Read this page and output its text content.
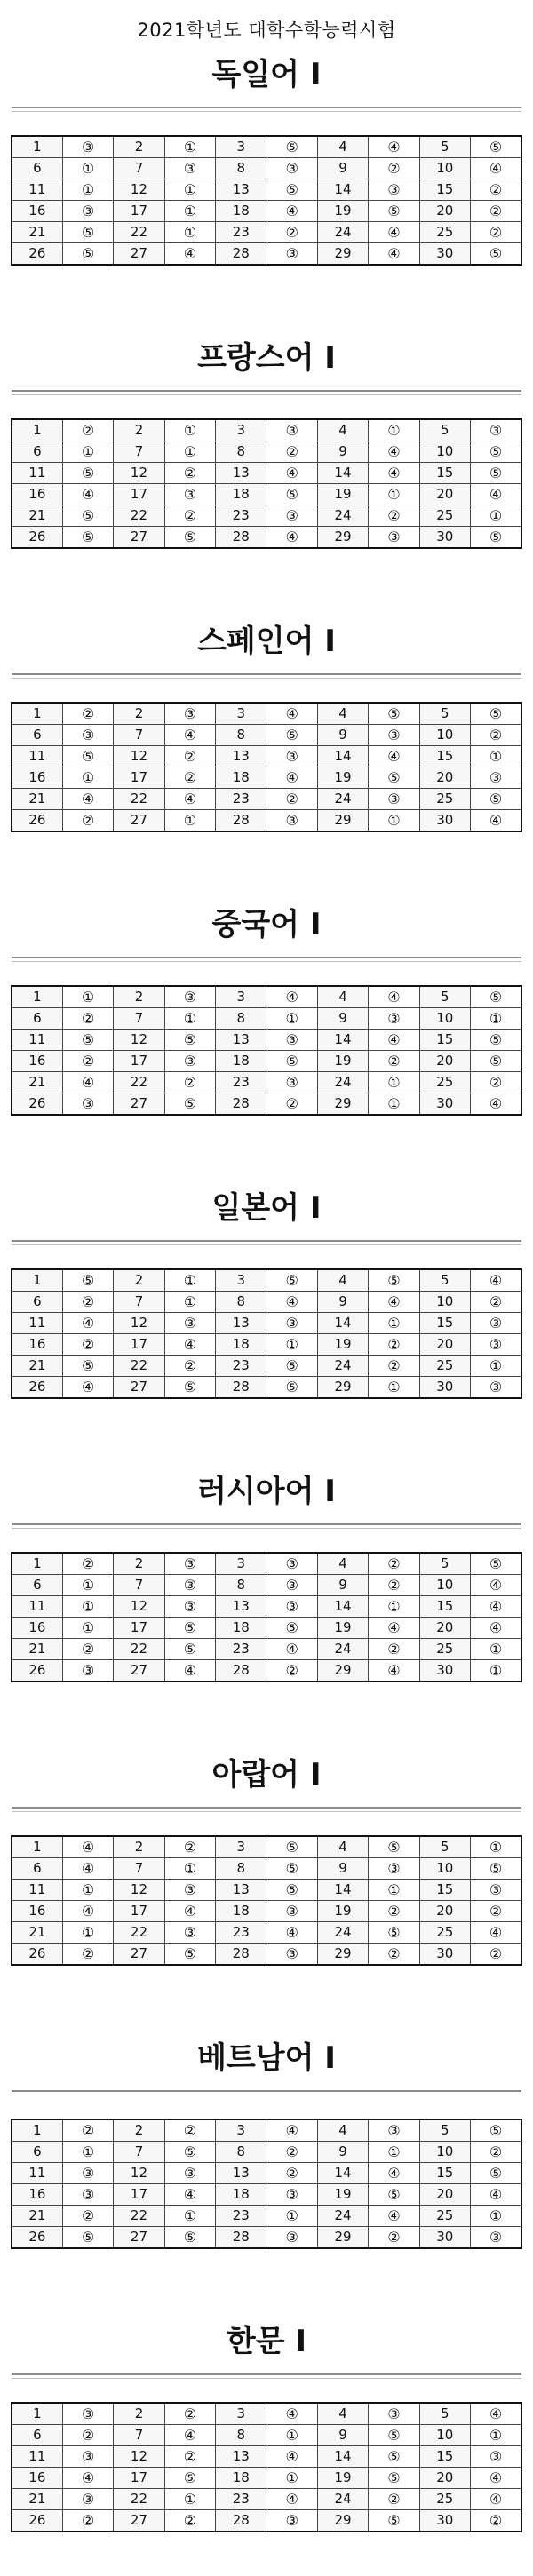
2021학년도 대학수학능력시험
독일어 I
1	③	2	①	3	⑤	4	④	5	⑤
6	①	7	③	8	③	9	②	10	④
11	①	12	①	13	⑤	14	③	15	②
16	③	17	①	18	④	19	⑤	20	②
21	⑤	22	①	23	②	24	④	25	②
26	⑤	27	④	28	③	29	④	30	⑤
프랑스어 I
1	②	2	①	3	③	4	①	5	③
6	①	7	①	8	②	9	④	10	⑤
11	⑤	12	②	13	④	14	④	15	⑤
16	④	17	③	18	⑤	19	①	20	④
21	⑤	22	②	23	③	24	②	25	①
26	⑤	27	⑤	28	④	29	③	30	⑤
스페인어 I
1	②	2	③	3	④	4	⑤	5	⑤
6	③	7	④	8	⑤	9	③	10	②
11	⑤	12	②	13	③	14	④	15	①
16	①	17	②	18	④	19	⑤	20	③
21	④	22	④	23	②	24	③	25	⑤
26	②	27	①	28	③	29	①	30	④
중국어 I
1	①	2	③	3	④	4	④	5	⑤
6	②	7	①	8	①	9	③	10	①
11	⑤	12	⑤	13	③	14	④	15	⑤
16	②	17	③	18	⑤	19	②	20	⑤
21	④	22	②	23	③	24	①	25	②
26	③	27	⑤	28	②	29	①	30	④
일본어 I
1	⑤	2	①	3	⑤	4	⑤	5	④
6	②	7	①	8	④	9	④	10	②
11	④	12	③	13	③	14	①	15	③
16	②	17	④	18	①	19	②	20	③
21	⑤	22	②	23	⑤	24	②	25	①
26	④	27	⑤	28	⑤	29	①	30	③
러시아어 I
1	②	2	③	3	③	4	②	5	⑤
6	①	7	③	8	③	9	②	10	④
11	①	12	③	13	③	14	①	15	④
16	①	17	⑤	18	⑤	19	④	20	④
21	②	22	⑤	23	④	24	②	25	①
26	③	27	④	28	②	29	④	30	①
아랍어 I
1	④	2	②	3	⑤	4	⑤	5	①
6	④	7	①	8	⑤	9	③	10	⑤
11	①	12	③	13	⑤	14	①	15	③
16	④	17	④	18	③	19	②	20	②
21	①	22	③	23	④	24	⑤	25	④
26	②	27	⑤	28	③	29	②	30	②
베트남어 I
1	②	2	②	3	④	4	③	5	⑤
6	①	7	⑤	8	②	9	①	10	②
11	③	12	③	13	②	14	④	15	⑤
16	③	17	④	18	③	19	⑤	20	④
21	②	22	①	23	①	24	④	25	①
26	⑤	27	⑤	28	③	29	②	30	③
한문 I
1	③	2	②	3	④	4	③	5	④
6	②	7	④	8	①	9	⑤	10	①
11	③	12	②	13	④	14	⑤	15	③
16	④	17	⑤	18	①	19	⑤	20	④
21	③	22	①	23	④	24	②	25	④
26	②	27	②	28	③	29	⑤	30	②
